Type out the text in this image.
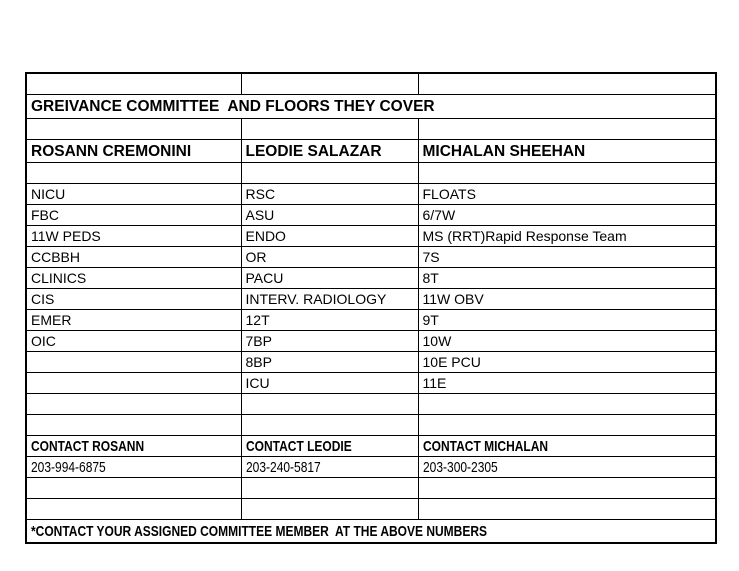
GREIVANCE COMMITTEE  AND FLOORS THEY COVER		

ROSANN CREMONINI	LEODIE SALAZAR	MICHALAN SHEEHAN

NICU	RSC	FLOATS
FBC	ASU	6/7W
11W PEDS	ENDO	MS (RRT)Rapid Response Team
CCBBH	OR	7S
CLINICS	PACU	8T
CIS	INTERV. RADIOLOGY	11W OBV
EMER	12T	9T
OIC	7BP	10W
	8BP	10E PCU
	ICU	11E

CONTACT ROSANN	CONTACT LEODIE	CONTACT MICHALAN
203-994-6875	203-240-5817	203-300-2305

*CONTACT YOUR ASSIGNED COMMITTEE MEMBER  AT THE ABOVE NUMBERS		
